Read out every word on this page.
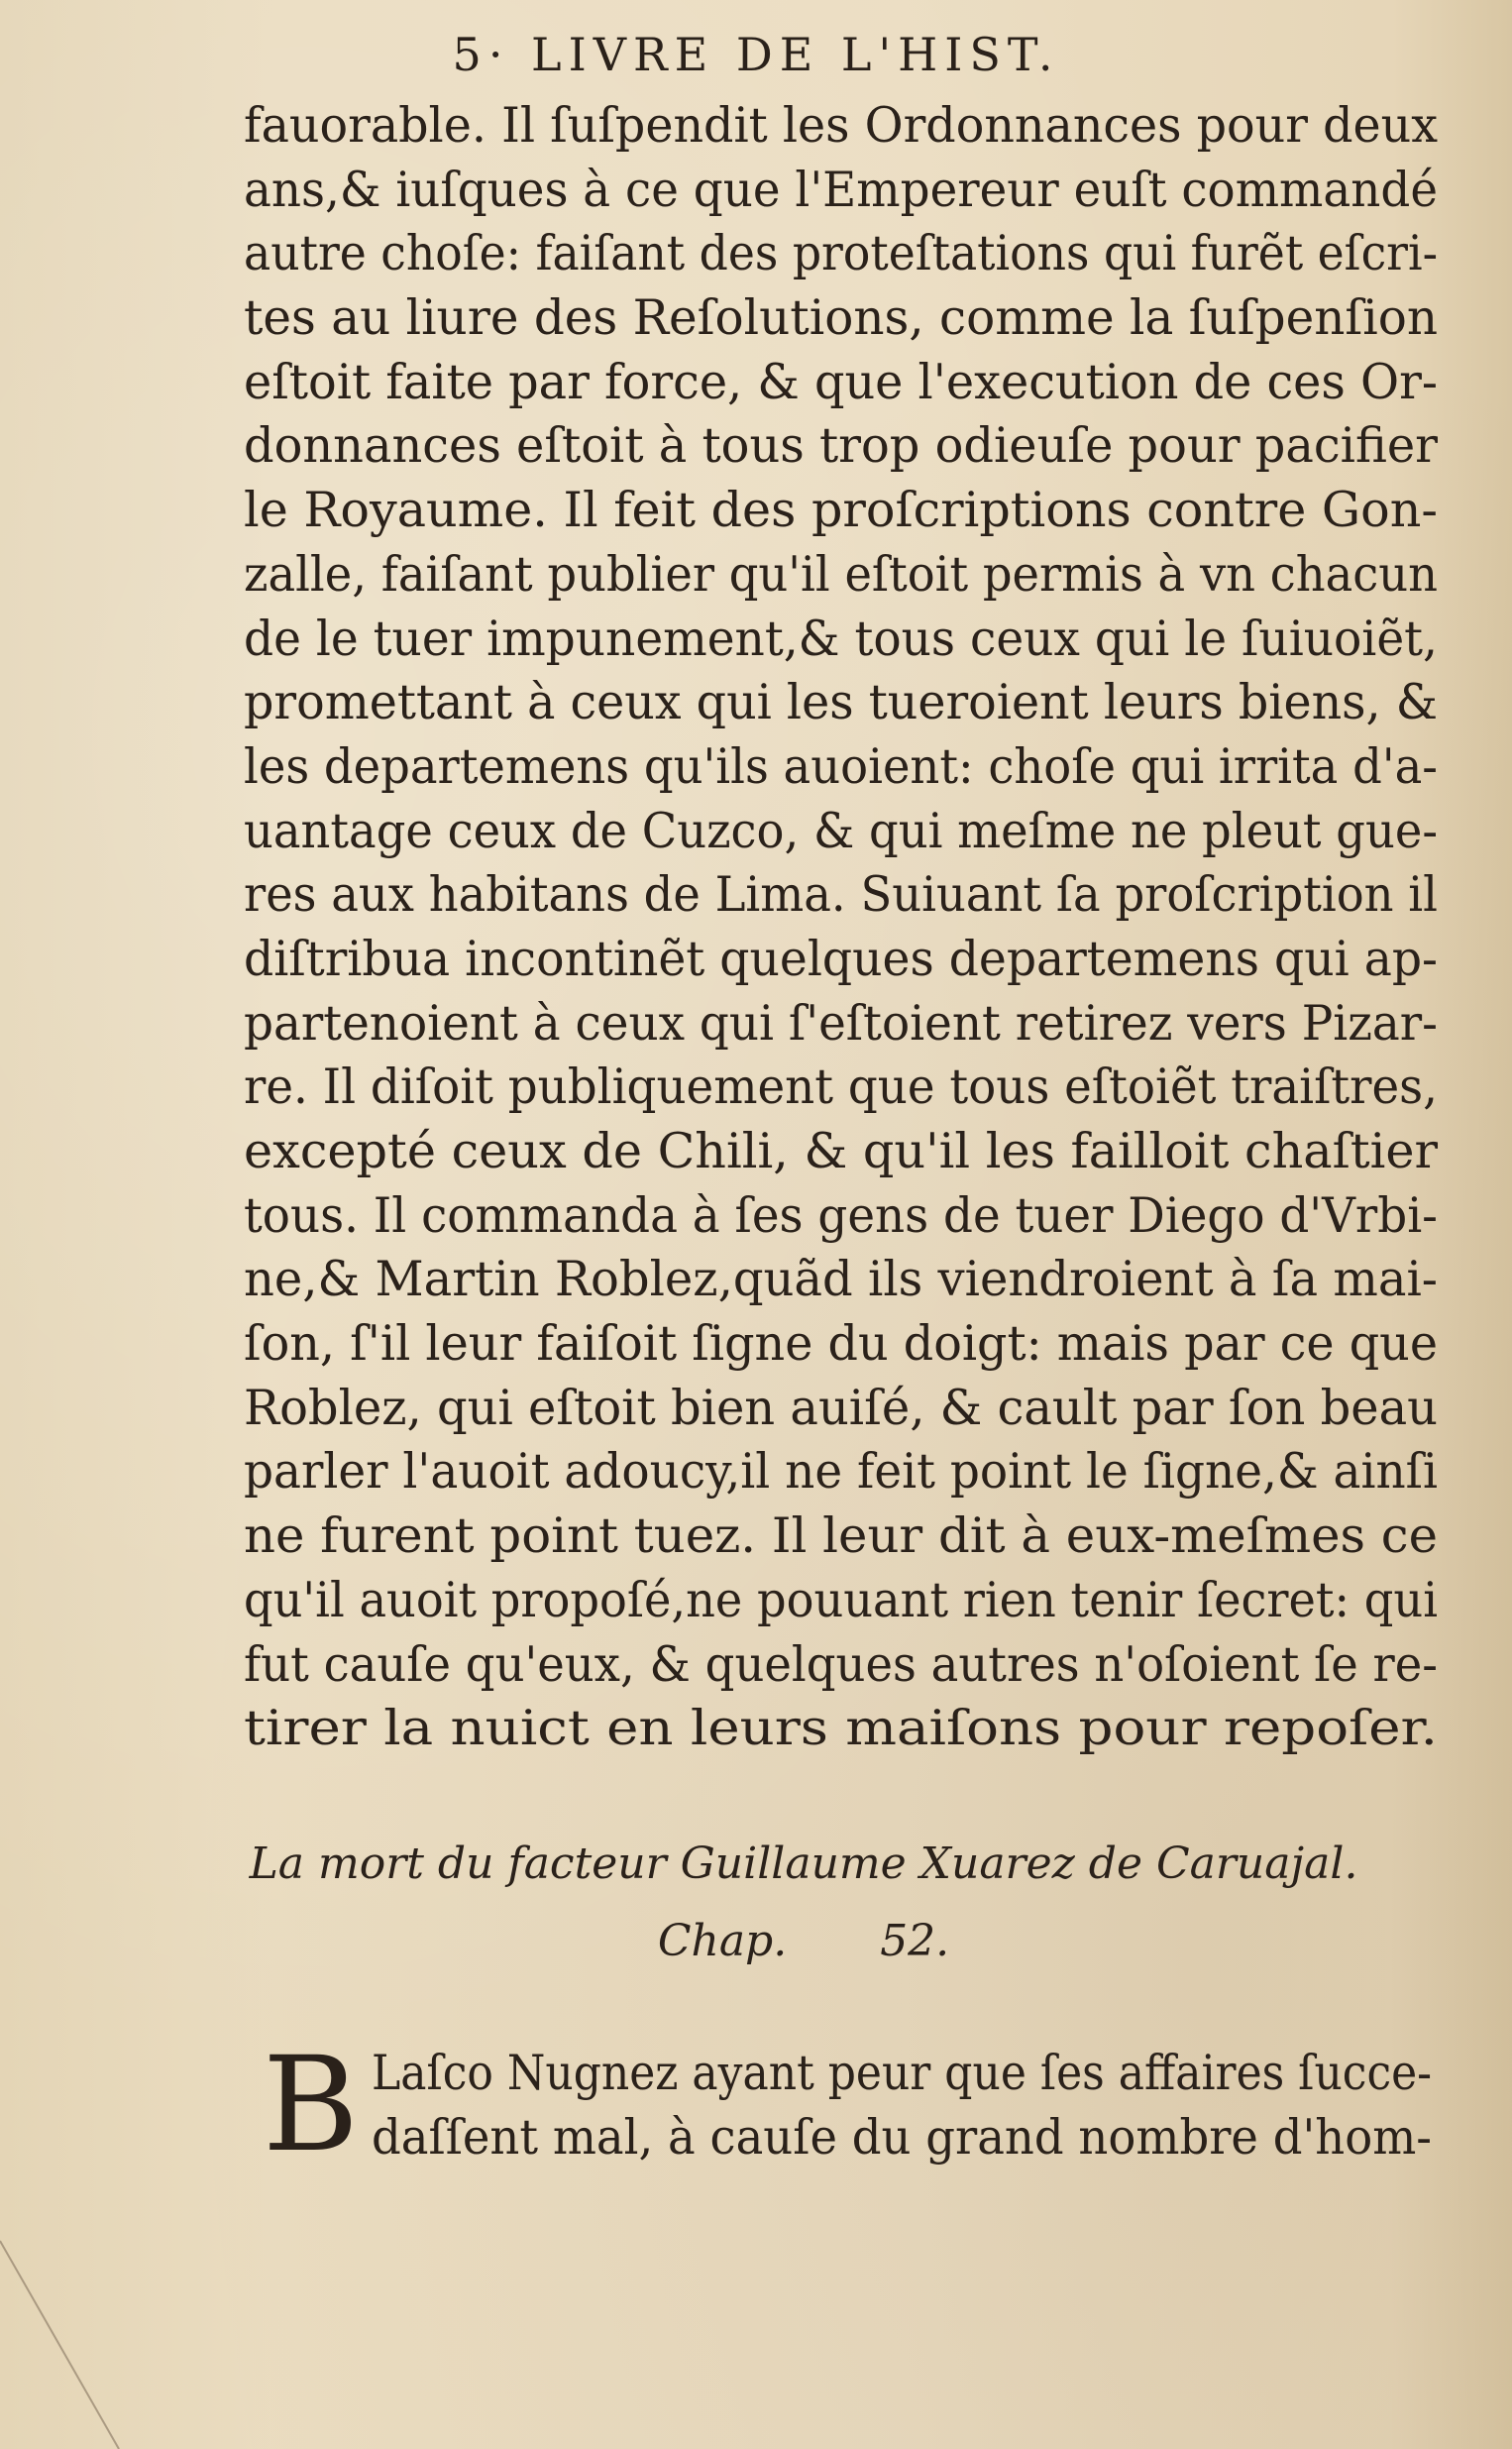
5· LIVRE DE L'HIST.
fauorable. Il ſuſpendit les Ordonnances pour deux
ans,& iuſques à ce que l'Empereur euſt commandé
autre choſe: faiſant des proteſtations qui furẽt eſcri-
tes au liure des Reſolutions, comme la ſuſpenſion
eſtoit faite par force, & que l'execution de ces Or-
donnances eſtoit à tous trop odieuſe pour pacifier
le Royaume. Il feit des proſcriptions contre Gon-
zalle, faiſant publier qu'il eſtoit permis à vn chacun
de le tuer impunement,& tous ceux qui le ſuiuoiẽt,
promettant à ceux qui les tueroient leurs biens, &
les departemens qu'ils auoient: choſe qui irrita d'a-
uantage ceux de Cuzco, & qui meſme ne pleut gue-
res aux habitans de Lima. Suiuant ſa proſcription il
diſtribua incontinẽt quelques departemens qui ap-
partenoient à ceux qui ſ'eſtoient retirez vers Pizar-
re. Il diſoit publiquement que tous eſtoiẽt traiſtres,
excepté ceux de Chili, & qu'il les failloit chaſtier
tous. Il commanda à ſes gens de tuer Diego d'Vrbi-
ne,& Martin Roblez,quãd ils viendroient à ſa mai-
ſon, ſ'il leur faiſoit ſigne du doigt: mais par ce que
Roblez, qui eſtoit bien auiſé, & cault par ſon beau
parler l'auoit adoucy,il ne feit point le ſigne,& ainſi
ne furent point tuez. Il leur dit à eux-meſmes ce
qu'il auoit propoſé,ne pouuant rien tenir ſecret: qui
fut cauſe qu'eux, & quelques autres n'oſoient ſe re-
tirer la nuict en leurs maiſons pour repoſer.
La mort du facteur Guillaume Xuarez de Caruajal.
Chap. 52.
B Laſco Nugnez ayant peur que ſes affaires ſucce-
daſſent mal, à cauſe du grand nombre d'hom-
